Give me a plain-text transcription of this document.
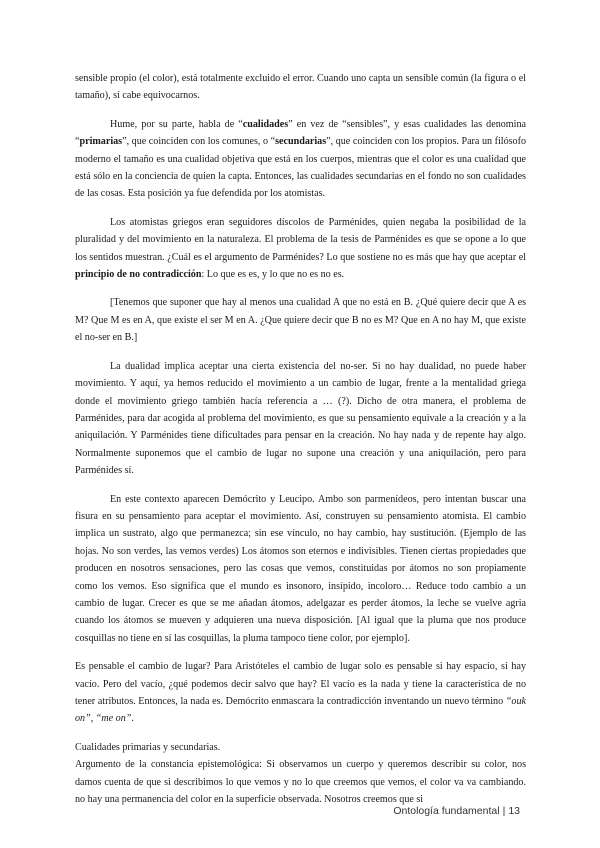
sensible propio (el color), está totalmente excluido el error. Cuando uno capta un sensible común (la figura o el tamaño), sí cabe equivocarnos.

Hume, por su parte, habla de “cualidades” en vez de “sensibles”, y esas cualidades las denomina “primarias”, que coinciden con los comunes, o “secundarias”, que coinciden con los propios. Para un filósofo moderno el tamaño es una cualidad objetiva que está en los cuerpos, mientras que el color es una cualidad que está sólo en la conciencia de quien la capta. Entonces, las cualidades secundarias en el fondo no son cualidades de las cosas. Esta posición ya fue defendida por los atomistas.

Los atomistas griegos eran seguidores díscolos de Parménides, quien negaba la posibilidad de la pluralidad y del movimiento en la naturaleza. El problema de la tesis de Parménides es que se opone a lo que los sentidos muestran. ¿Cuál es el argumento de Parménides? Lo que sostiene no es más que hay que aceptar el principio de no contradicción: Lo que es es, y lo que no es no es.

[Tenemos que suponer que hay al menos una cualidad A que no está en B. ¿Qué quiere decir que A es M? Que M es en A, que existe el ser M en A. ¿Que quiere decir que B no es M? Que en A no hay M, que existe el no-ser en B.]

La dualidad implica aceptar una cierta existencia del no-ser. Si no hay dualidad, no puede haber movimiento. Y aquí, ya hemos reducido el movimiento a un cambio de lugar, frente a la mentalidad griega donde el movimiento griego también hacía referencia a … (?). Dicho de otra manera, el problema de Parménides, para dar acogida al problema del movimiento, es que su pensamiento equivale a la creación y a la aniquilación. Y Parménides tiene dificultades para pensar en la creación. No hay nada y de repente hay algo. Normalmente suponemos que el cambio de lugar no supone una creación y una aniquilación, pero para Parménides sí.

En este contexto aparecen Demócrito y Leucipo. Ambo son parmenídeos, pero intentan buscar una fisura en su pensamiento para aceptar el movimiento. Así, construyen su pensamiento atomista. El cambio implica un sustrato, algo que permanezca; sin ese vínculo, no hay cambio, hay sustitución. (Ejemplo de las hojas. No son verdes, las vemos verdes) Los átomos son eternos e indivisibles. Tienen ciertas propiedades que producen en nosotros sensaciones, pero las cosas que vemos, constituidas por átomos no son propiamente como los vemos. Eso significa que el mundo es insonoro, insípido, incoloro… Reduce todo cambio a un cambio de lugar. Crecer es que se me añadan átomos, adelgazar es perder átomos, la leche se vuelve agria cuando los átomos se mueven y adquieren una nueva disposición. [Al igual que la pluma que nos produce cosquillas no tiene en sí las cosquillas, la pluma tampoco tiene color, por ejemplo].

Es pensable el cambio de lugar? Para Aristóteles el cambio de lugar solo es pensable si hay espacio, si hay vacío. Pero del vacío, ¿qué podemos decir salvo que hay? El vacío es la nada y tiene la característica de no tener atributos. Entonces, la nada es. Demócrito enmascara la contradicción inventando un nuevo término “ouk on”, “me on”.

Cualidades primarias y secundarias.

Argumento de la constancia epistemológica: Si observamos un cuerpo y queremos describir su color, nos damos cuenta de que si describimos lo que vemos y no lo que creemos que vemos, el color va va cambiando. no hay una permanencia del color en la superficie observada. Nosotros creemos que si

Ontología fundamental | 13
